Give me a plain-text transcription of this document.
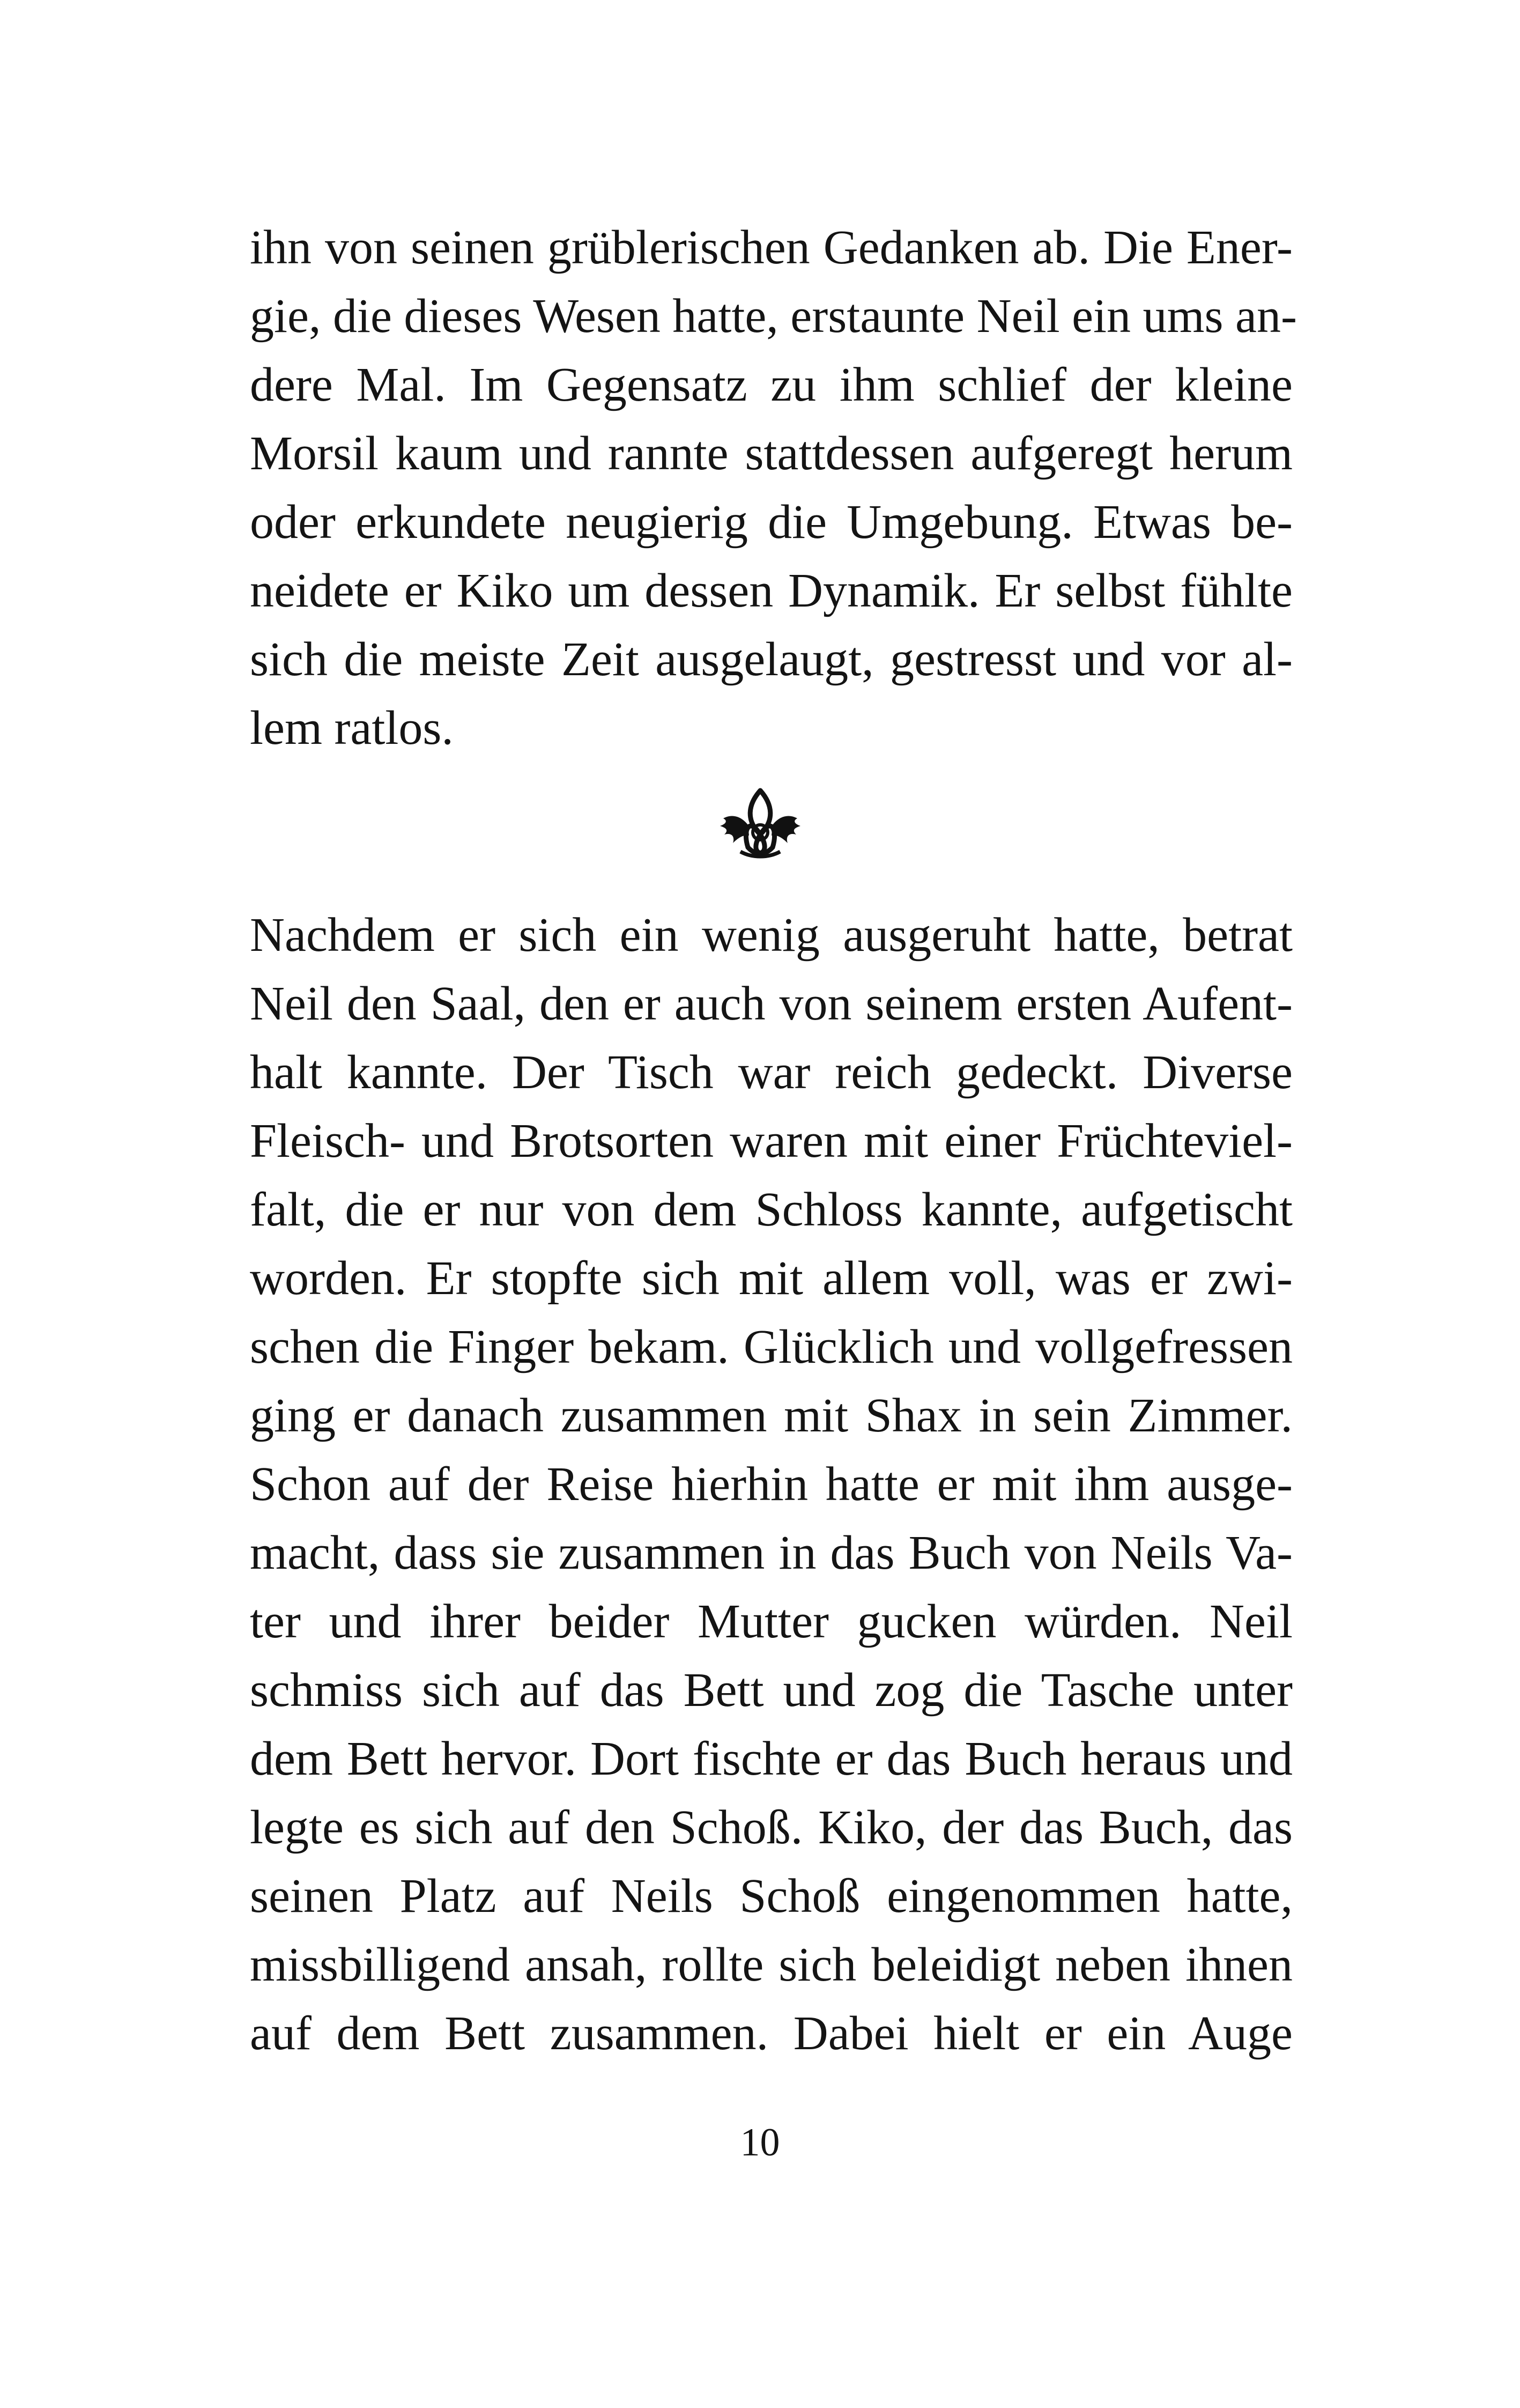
ihn von seinen grüblerischen Gedanken ab. Die Ener-
gie, die dieses Wesen hatte, erstaunte Neil ein ums an-
dere Mal. Im Gegensatz zu ihm schlief der kleine
Morsil kaum und rannte stattdessen aufgeregt herum
oder erkundete neugierig die Umgebung. Etwas be-
neidete er Kiko um dessen Dynamik. Er selbst fühlte
sich die meiste Zeit ausgelaugt, gestresst und vor al-
lem ratlos.
Nachdem er sich ein wenig ausgeruht hatte, betrat
Neil den Saal, den er auch von seinem ersten Aufent-
halt kannte. Der Tisch war reich gedeckt. Diverse
Fleisch- und Brotsorten waren mit einer Früchteviel-
falt, die er nur von dem Schloss kannte, aufgetischt
worden. Er stopfte sich mit allem voll, was er zwi-
schen die Finger bekam. Glücklich und vollgefressen
ging er danach zusammen mit Shax in sein Zimmer.
Schon auf der Reise hierhin hatte er mit ihm ausge-
macht, dass sie zusammen in das Buch von Neils Va-
ter und ihrer beider Mutter gucken würden. Neil
schmiss sich auf das Bett und zog die Tasche unter
dem Bett hervor. Dort fischte er das Buch heraus und
legte es sich auf den Schoß. Kiko, der das Buch, das
seinen Platz auf Neils Schoß eingenommen hatte,
missbilligend ansah, rollte sich beleidigt neben ihnen
auf dem Bett zusammen. Dabei hielt er ein Auge
10
